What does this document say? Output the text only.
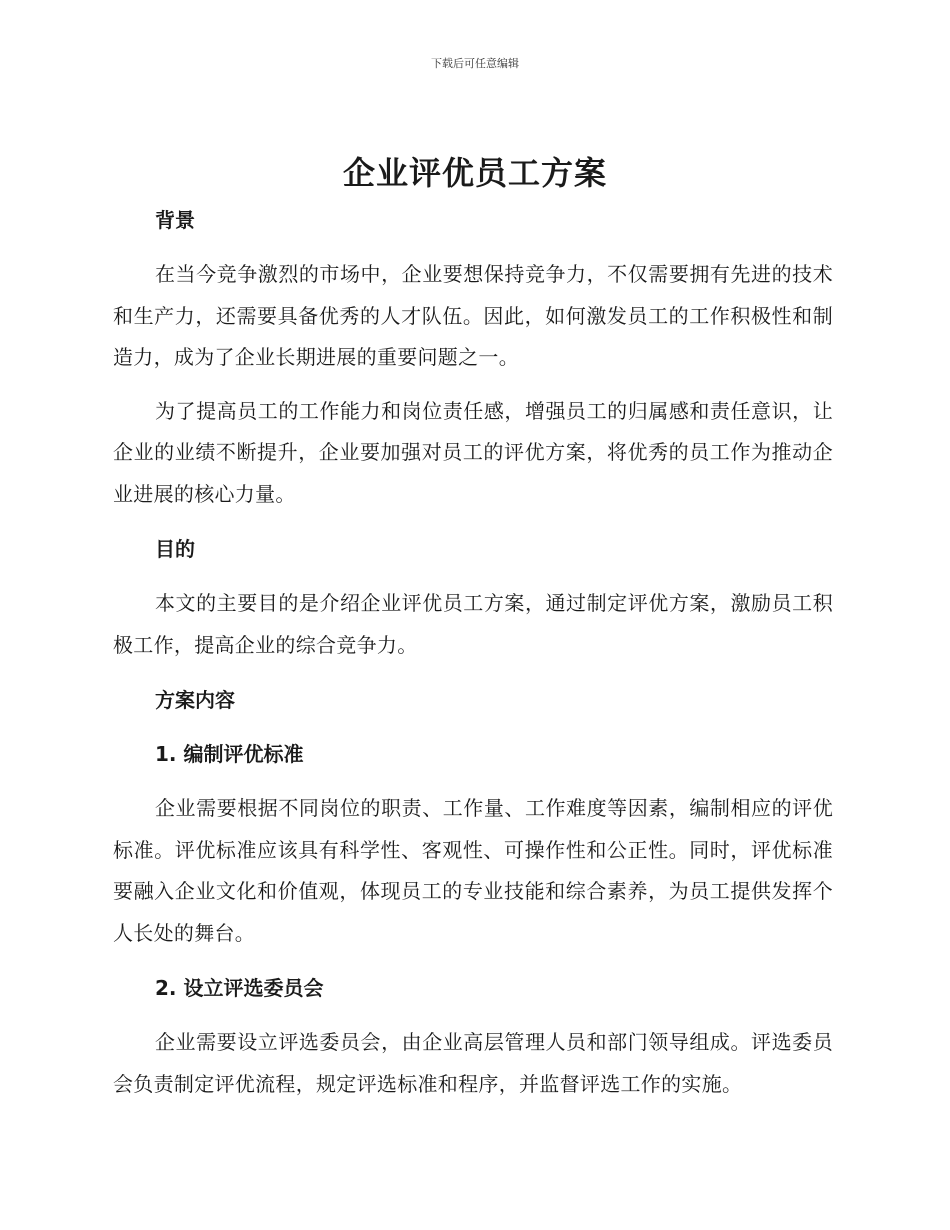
下载后可任意编辑
企业评优员工方案

背景

在当今竞争激烈的市场中，企业要想保持竞争力，不仅需要拥有先进的技术和生产力，还需要具备优秀的人才队伍。因此，如何激发员工的工作积极性和制造力，成为了企业长期进展的重要问题之一。

为了提高员工的工作能力和岗位责任感，增强员工的归属感和责任意识，让企业的业绩不断提升，企业要加强对员工的评优方案，将优秀的员工作为推动企业进展的核心力量。

目的

本文的主要目的是介绍企业评优员工方案，通过制定评优方案，激励员工积极工作，提高企业的综合竞争力。

方案内容

1. 编制评优标准

企业需要根据不同岗位的职责、工作量、工作难度等因素，编制相应的评优标准。评优标准应该具有科学性、客观性、可操作性和公正性。同时，评优标准要融入企业文化和价值观，体现员工的专业技能和综合素养，为员工提供发挥个人长处的舞台。

2. 设立评选委员会

企业需要设立评选委员会，由企业高层管理人员和部门领导组成。评选委员会负责制定评优流程，规定评选标准和程序，并监督评选工作的实施。
